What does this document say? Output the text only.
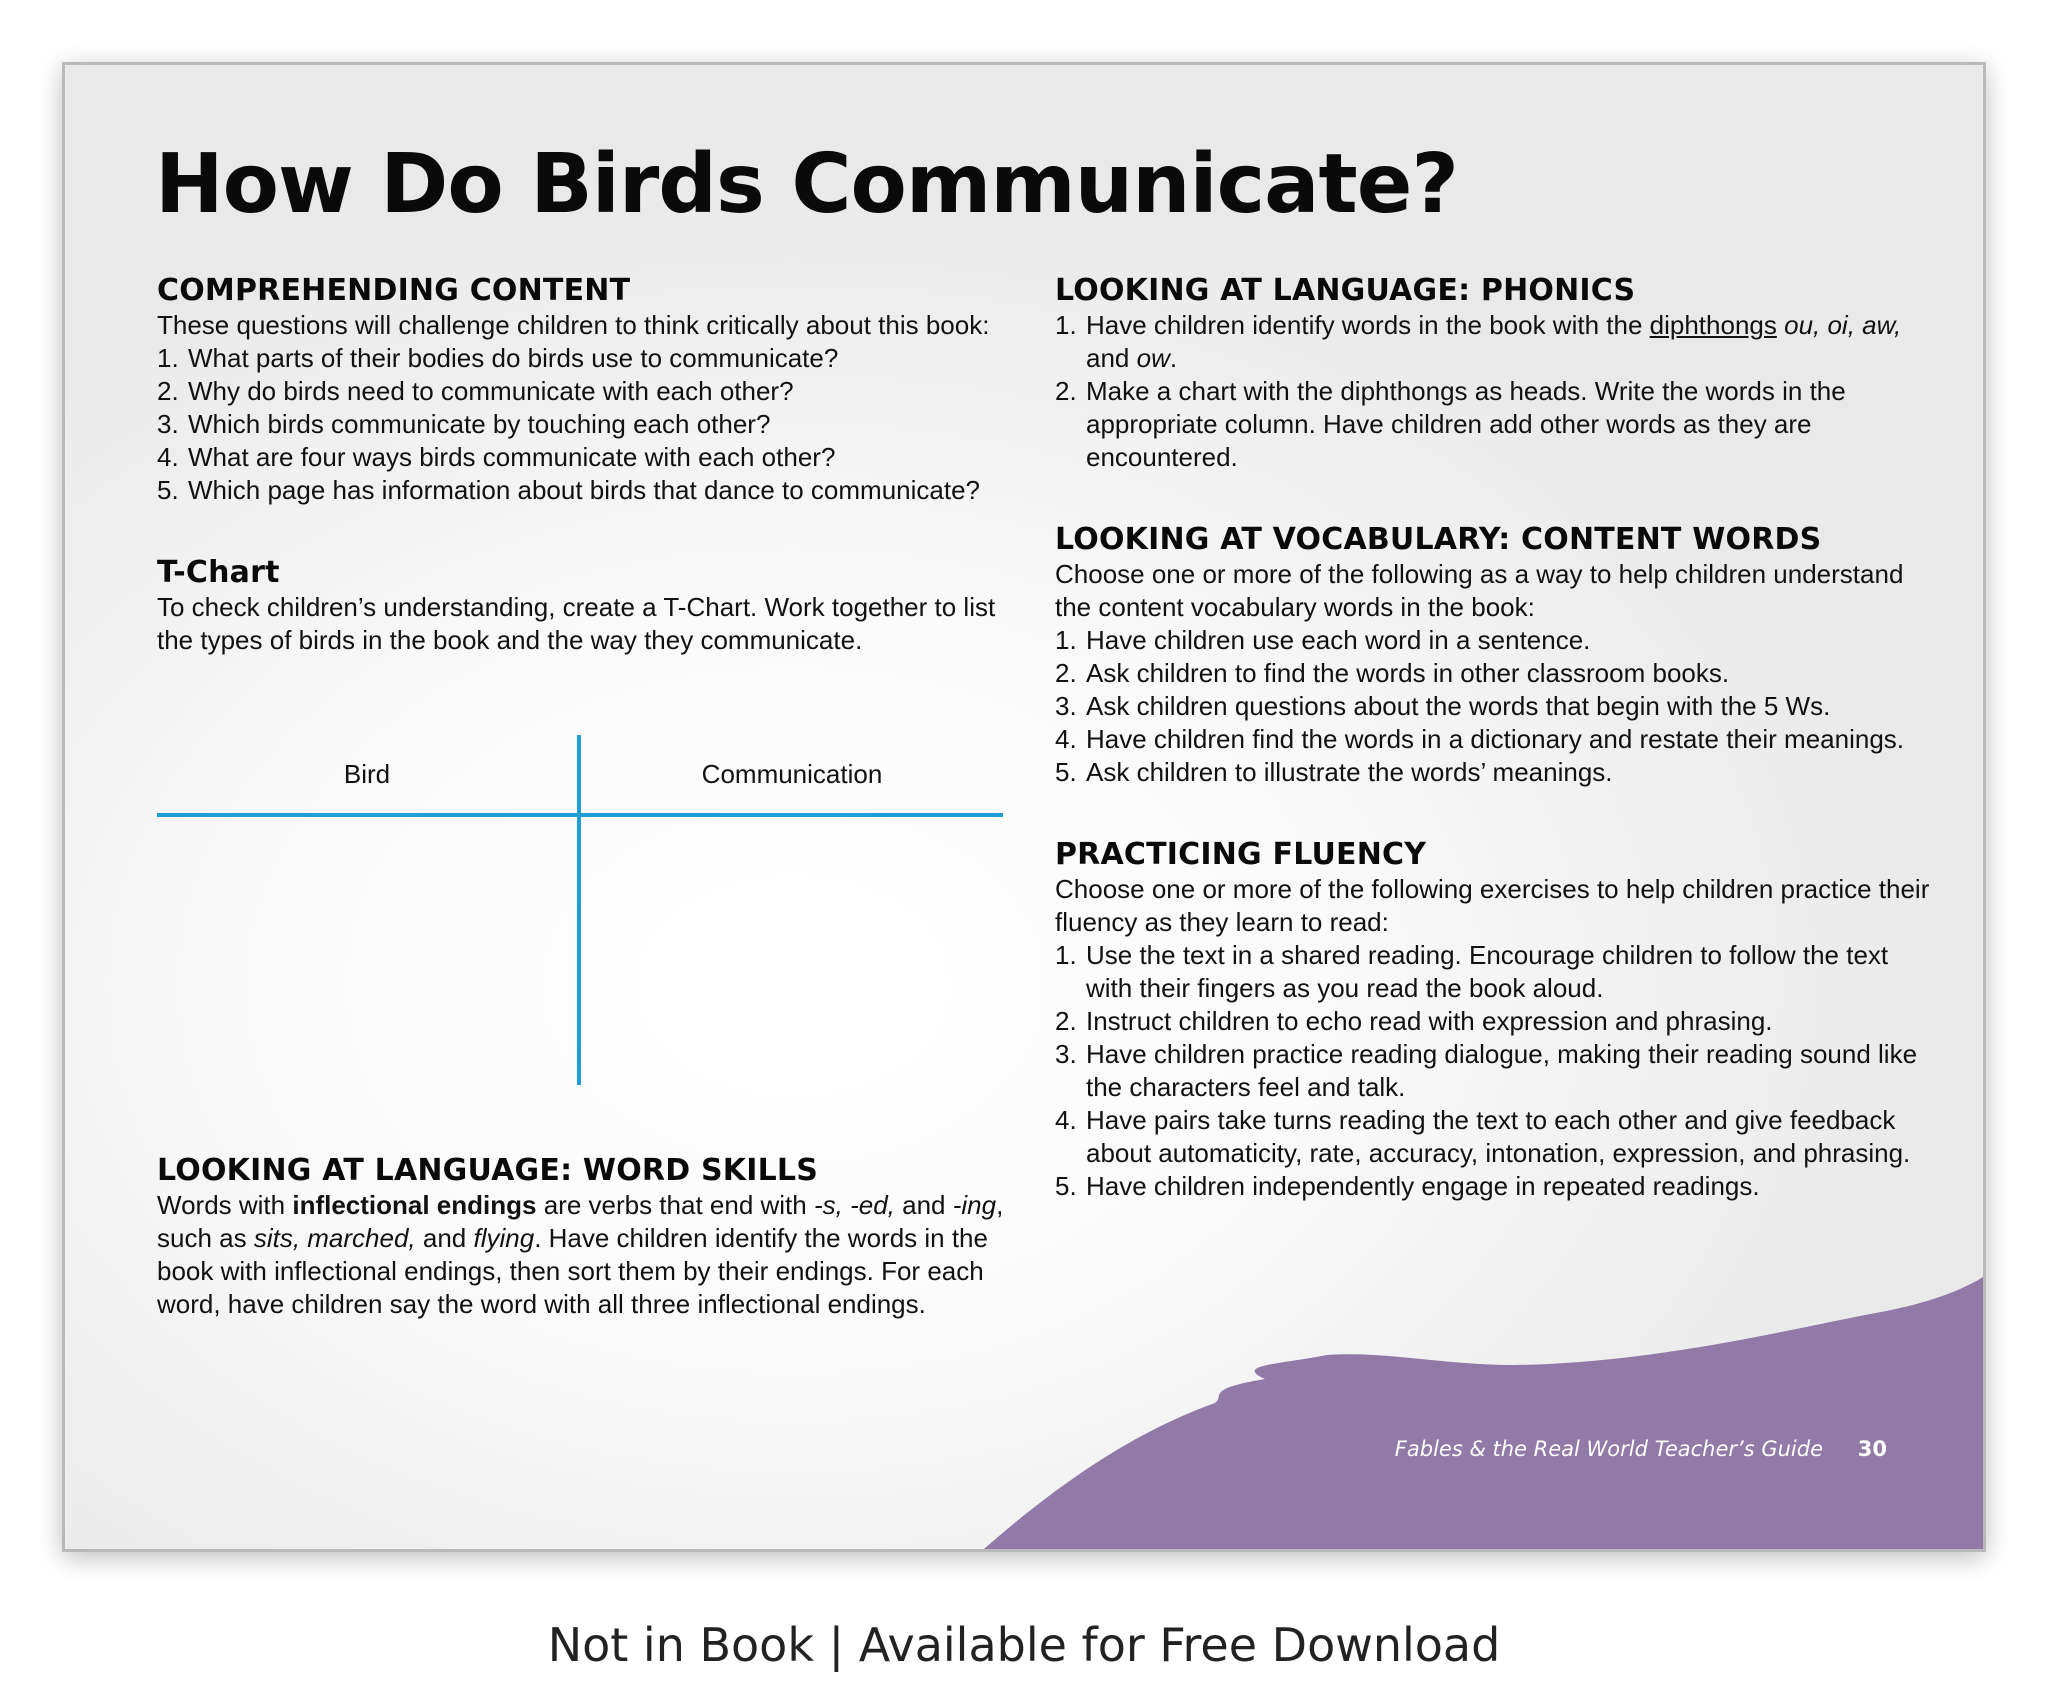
How Do Birds Communicate?
COMPREHENDING CONTENT

These questions will challenge children to think critically about this book:

1. What parts of their bodies do birds use to communicate?
2. Why do birds need to communicate with each other?
3. Which birds communicate by touching each other?
4. What are four ways birds communicate with each other?
5. Which page has information about birds that dance to communicate?
T-Chart

To check children’s understanding, create a T-Chart. Work together to list the types of birds in the book and the way they communicate.

Bird	Communication
LOOKING AT LANGUAGE: WORD SKILLS

Words with inflectional endings are verbs that end with -s, -ed, and -ing, such as sits, marched, and flying. Have children identify the words in the book with inflectional endings, then sort them by their endings. For each word, have children say the word with all three inflectional endings.

LOOKING AT LANGUAGE: PHONICS
1. Have children identify words in the book with the diphthongs ou, oi, aw, and ow.
2. Make a chart with the diphthongs as heads. Write the words in the appropriate column. Have children add other words as they are encountered.
LOOKING AT VOCABULARY: CONTENT WORDS

Choose one or more of the following as a way to help children understand the content vocabulary words in the book:

1. Have children use each word in a sentence.
2. Ask children to find the words in other classroom books.
3. Ask children questions about the words that begin with the 5 Ws.
4. Have children find the words in a dictionary and restate their meanings.
5. Ask children to illustrate the words’ meanings.
PRACTICING FLUENCY

Choose one or more of the following exercises to help children practice their fluency as they learn to read:

1. Use the text in a shared reading. Encourage children to follow the text with their fingers as you read the book aloud.
2. Instruct children to echo read with expression and phrasing.
3. Have children practice reading dialogue, making their reading sound like the characters feel and talk.
4. Have pairs take turns reading the text to each other and give feedback about automaticity, rate, accuracy, intonation, expression, and phrasing.
5. Have children independently engage in repeated readings.
Fables & the Real World Teacher’s Guide 30
Not in Book | Available for Free Download
